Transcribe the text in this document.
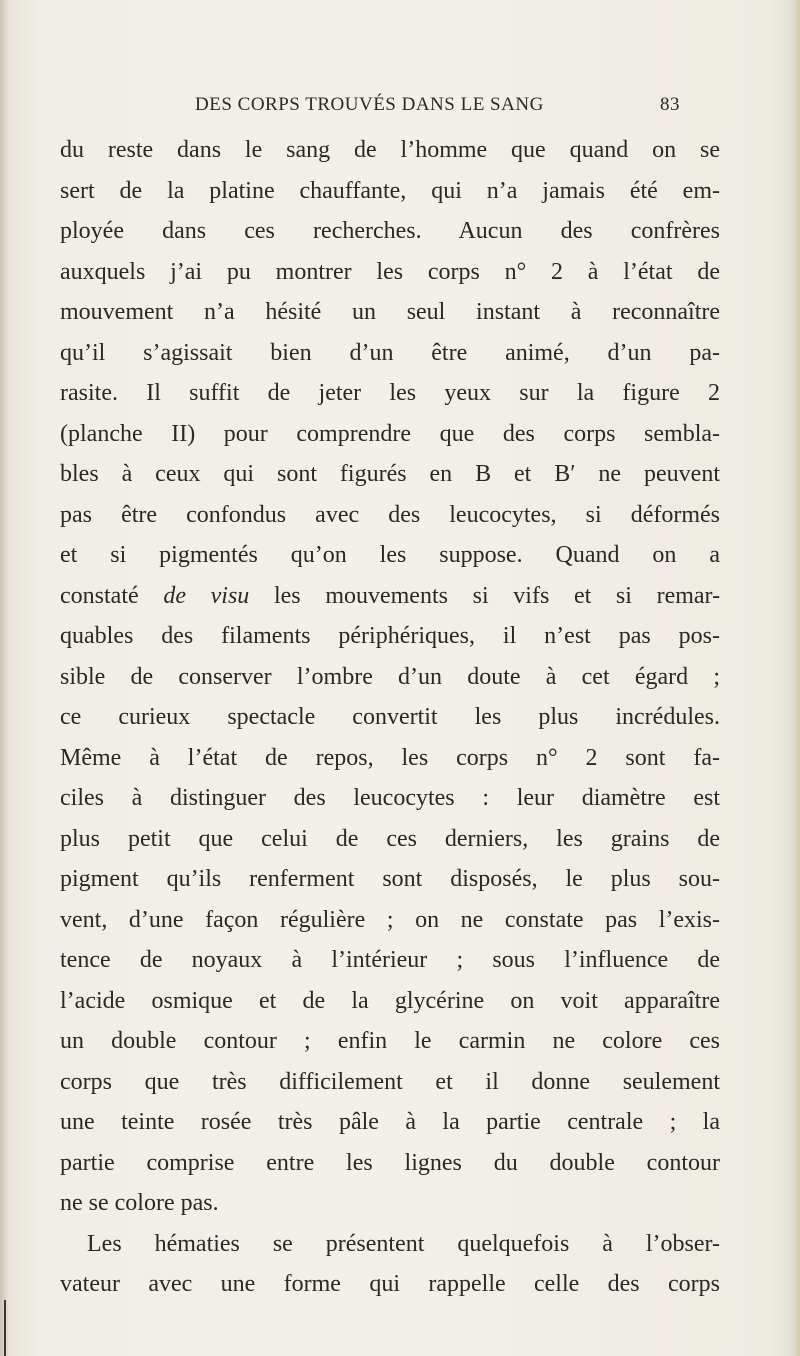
DES CORPS TROUVÉS DANS LE SANG	83
du reste dans le sang de l’homme que quand on se
sert de la platine chauffante, qui n’a jamais été em-
ployée dans ces recherches. Aucun des confrères
auxquels j’ai pu montrer les corps n° 2 à l’état de
mouvement n’a hésité un seul instant à reconnaître
qu’il s’agissait bien d’un être animé, d’un pa-
rasite. Il suffit de jeter les yeux sur la figure 2
(planche II) pour comprendre que des corps sembla-
bles à ceux qui sont figurés en B et B′ ne peuvent
pas être confondus avec des leucocytes, si déformés
et si pigmentés qu’on les suppose. Quand on a
constaté de visu les mouvements si vifs et si remar-
quables des filaments périphériques, il n’est pas pos-
sible de conserver l’ombre d’un doute à cet égard ;
ce curieux spectacle convertit les plus incrédules.
Même à l’état de repos, les corps n° 2 sont fa-
ciles à distinguer des leucocytes : leur diamètre est
plus petit que celui de ces derniers, les grains de
pigment qu’ils renferment sont disposés, le plus sou-
vent, d’une façon régulière ; on ne constate pas l’exis-
tence de noyaux à l’intérieur ; sous l’influence de
l’acide osmique et de la glycérine on voit apparaître
un double contour ; enfin le carmin ne colore ces
corps que très difficilement et il donne seulement
une teinte rosée très pâle à la partie centrale ; la
partie comprise entre les lignes du double contour
ne se colore pas.
Les hématies se présentent quelquefois à l’obser-
vateur avec une forme qui rappelle celle des corps
